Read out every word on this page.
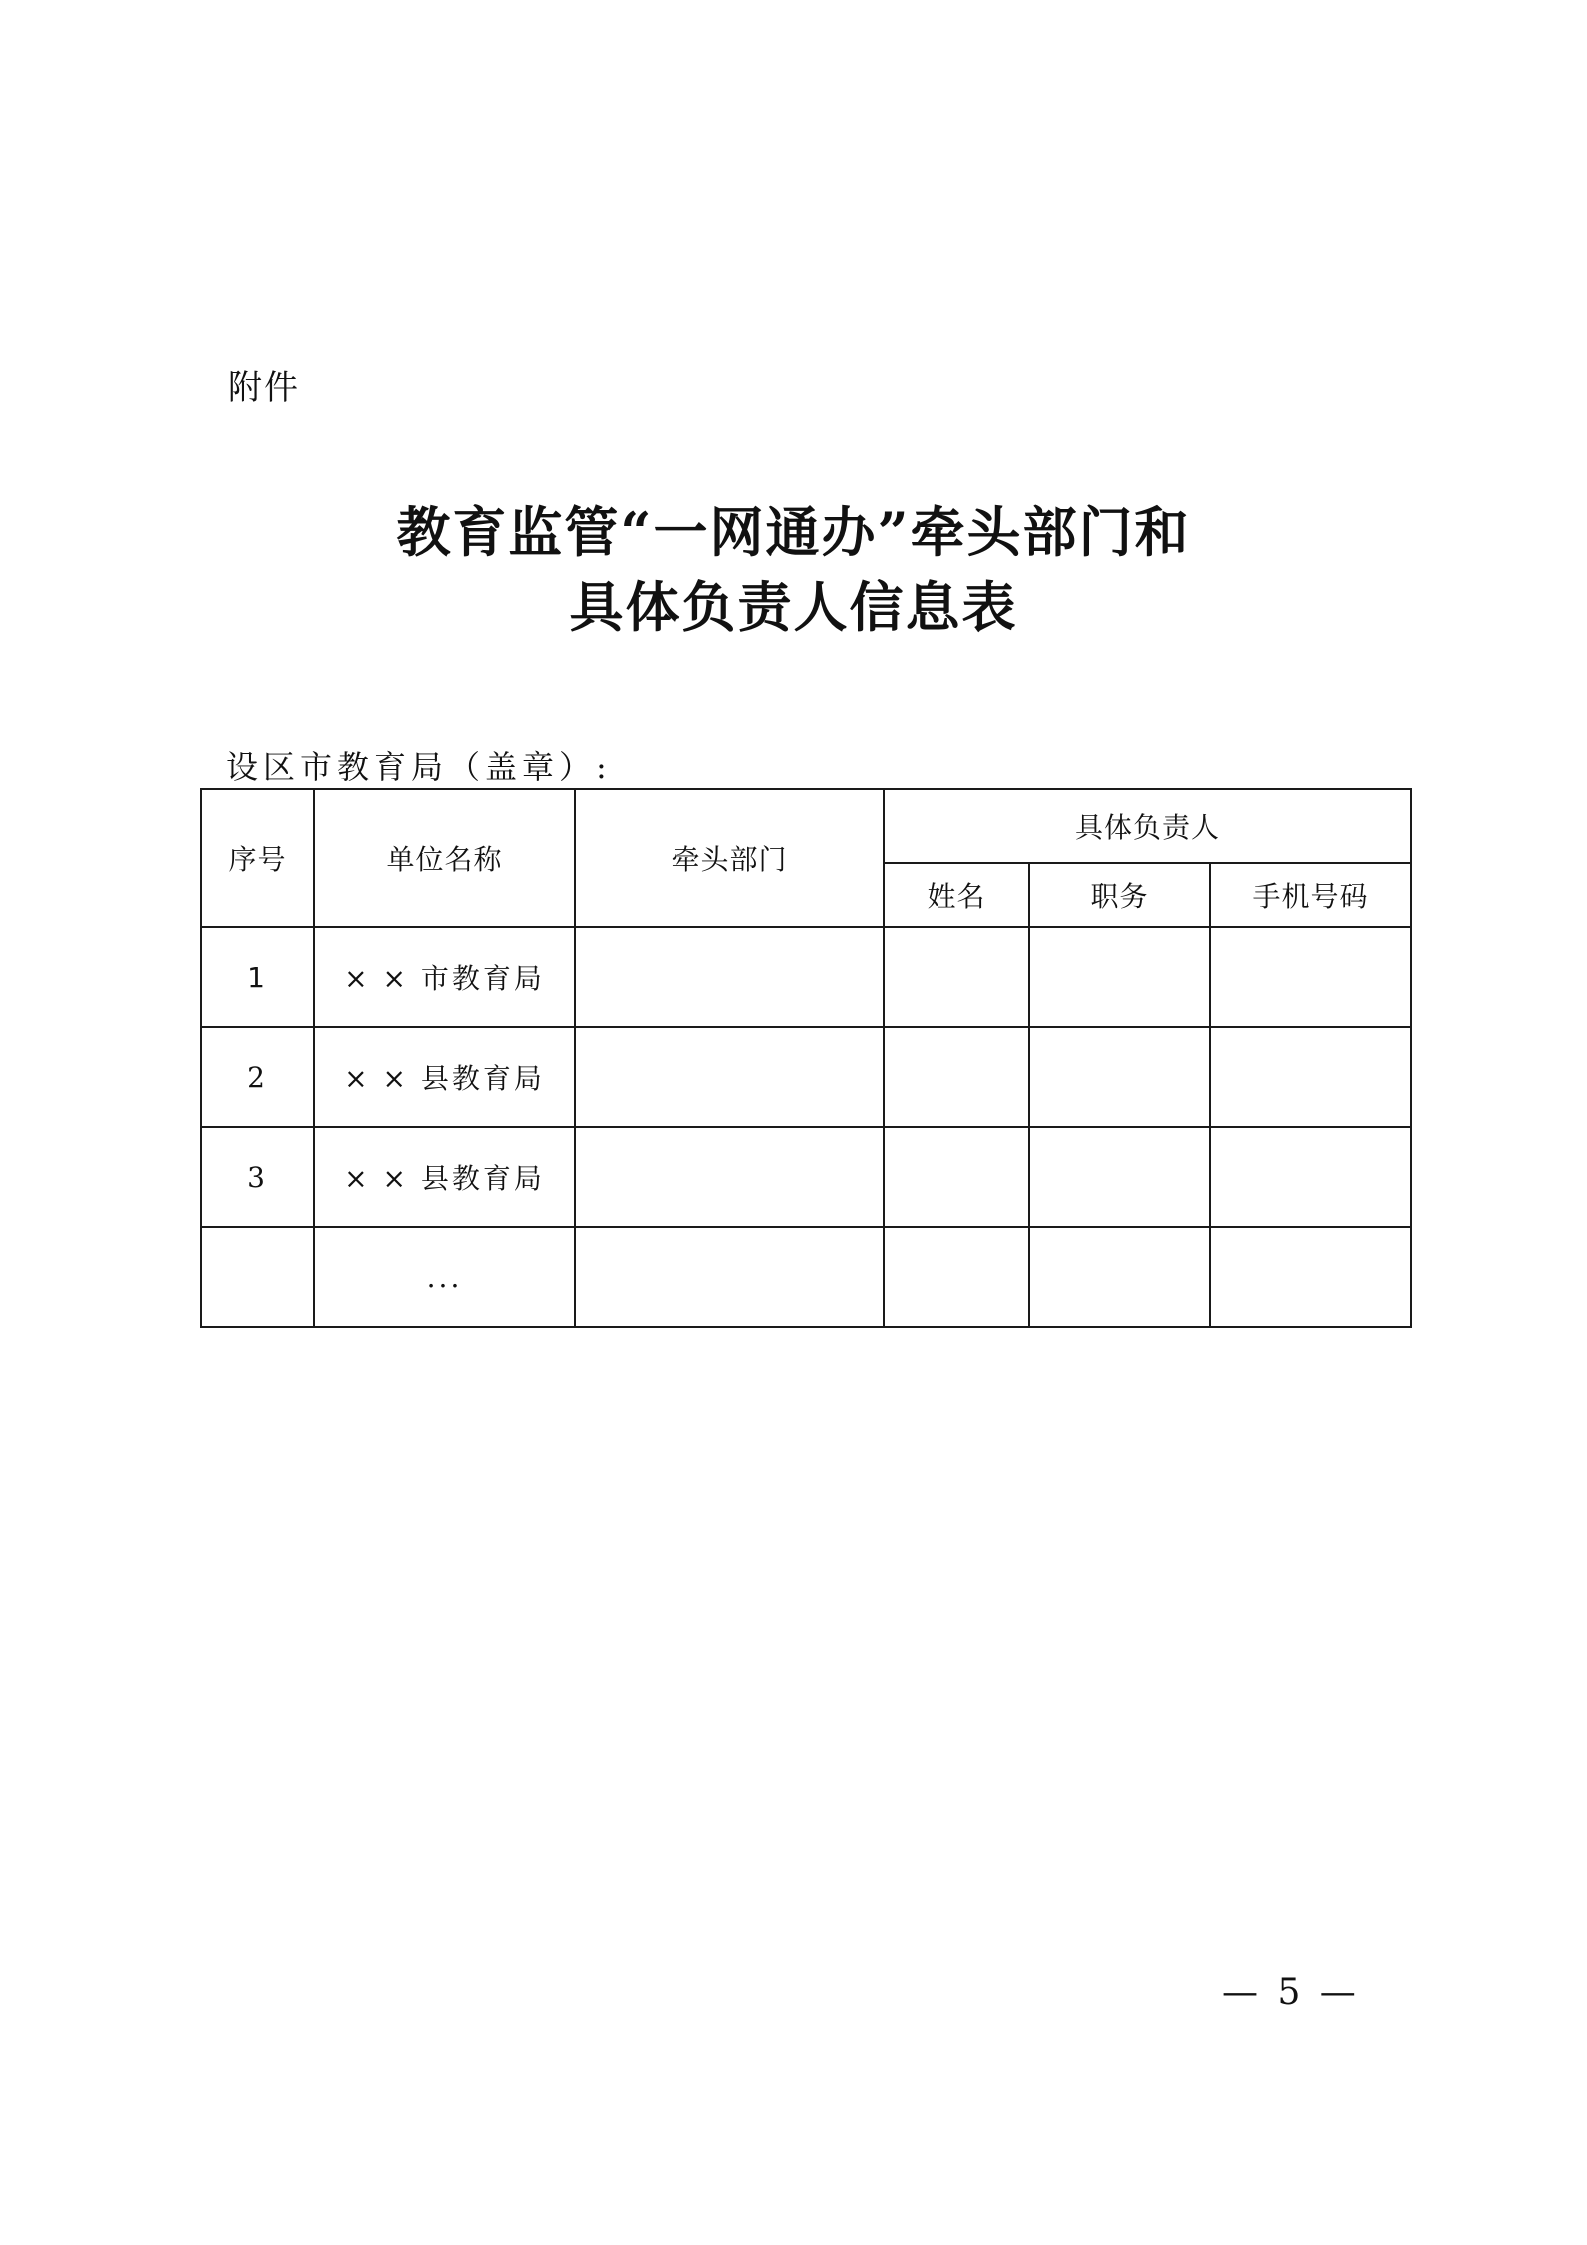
附件
教育监管“一网通办”牵头部门和
具体负责人信息表
设区市教育局（盖章）:
序号	单位名称	牵头部门	具体负责人		
			姓名	职务	手机号码
1	× × 市教育局				
2	× × 县教育局				
3	× × 县教育局				
	...				
— 5 —
